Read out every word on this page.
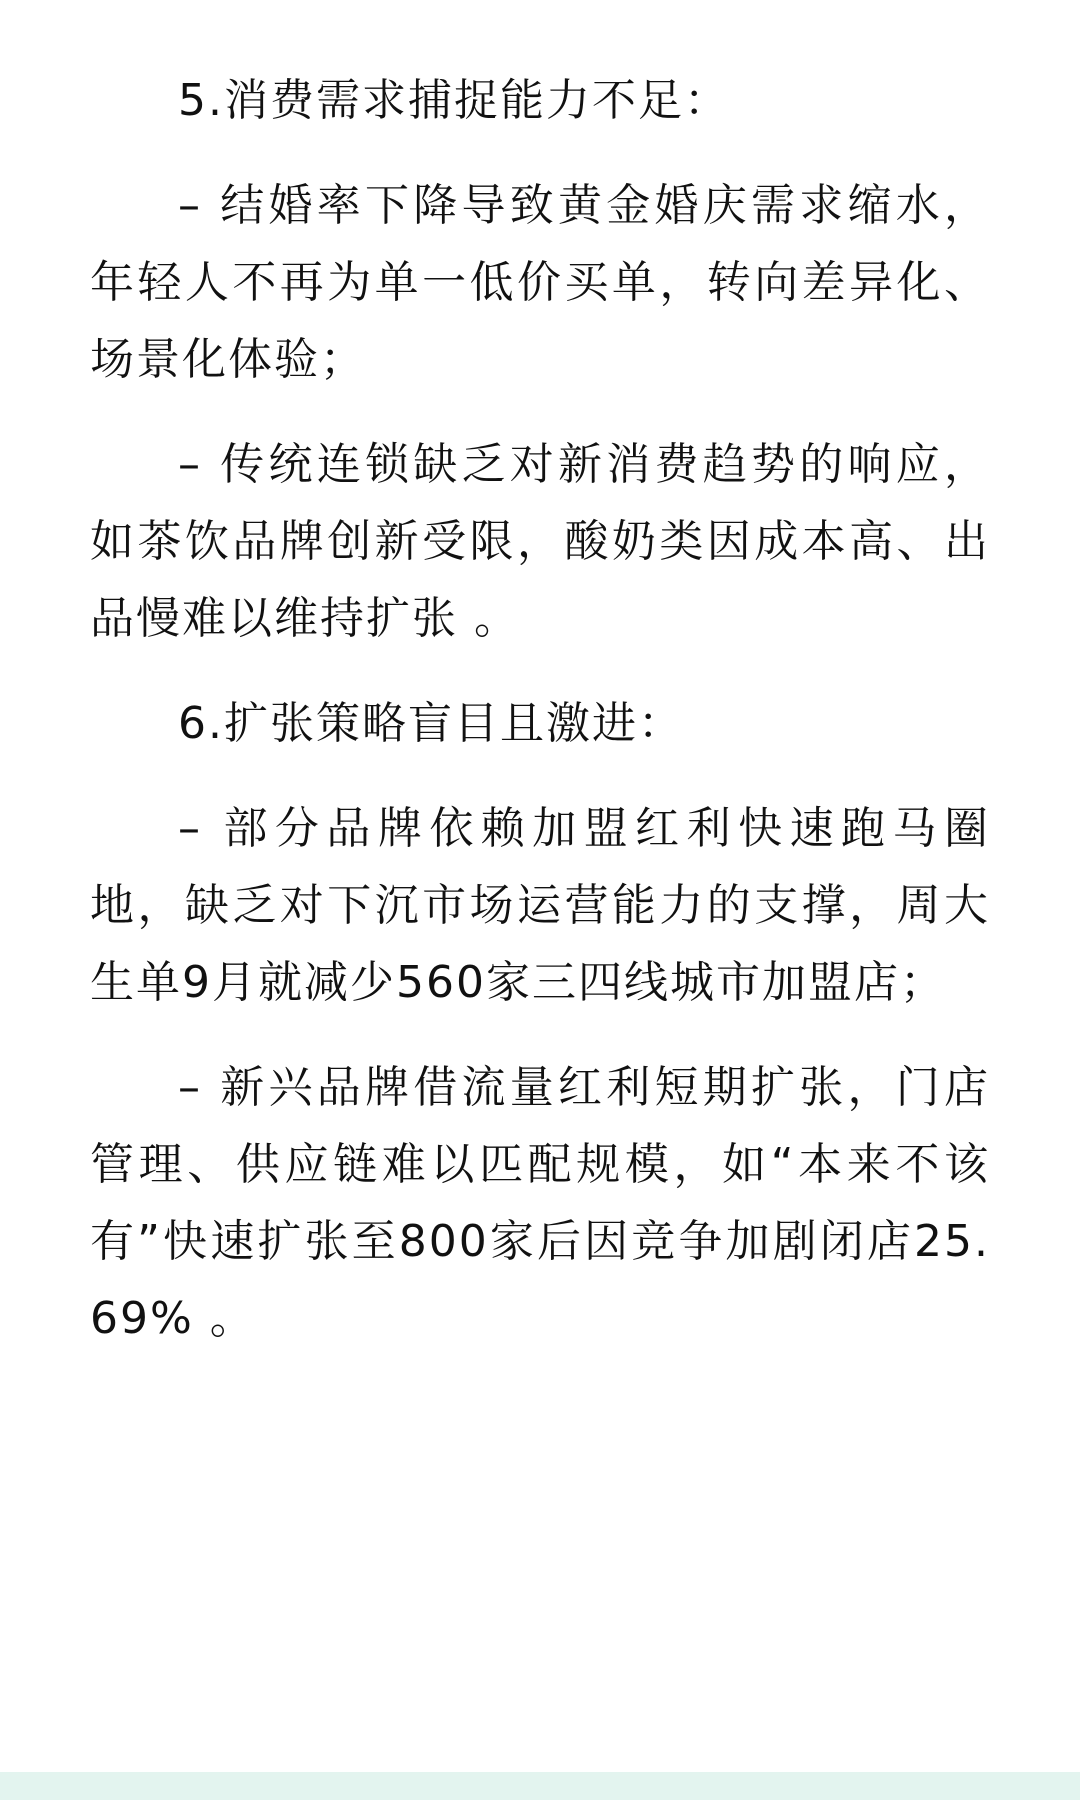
5.消费需求捕捉能力不足：

– 结婚率下降导致黄金婚庆需求缩水，年轻人不再为单一低价买单，转向差异化、场景化体验；

– 传统连锁缺乏对新消费趋势的响应，如茶饮品牌创新受限，酸奶类因成本高、出品慢难以维持扩张 。

6.扩张策略盲目且激进：

– 部分品牌依赖加盟红利快速跑马圈地，缺乏对下沉市场运营能力的支撑，周大生单9月就减少560家三四线城市加盟店；

– 新兴品牌借流量红利短期扩张，门店管理、供应链难以匹配规模，如“本来不该有”快速扩张至800家后因竞争加剧闭店25.69% 。
